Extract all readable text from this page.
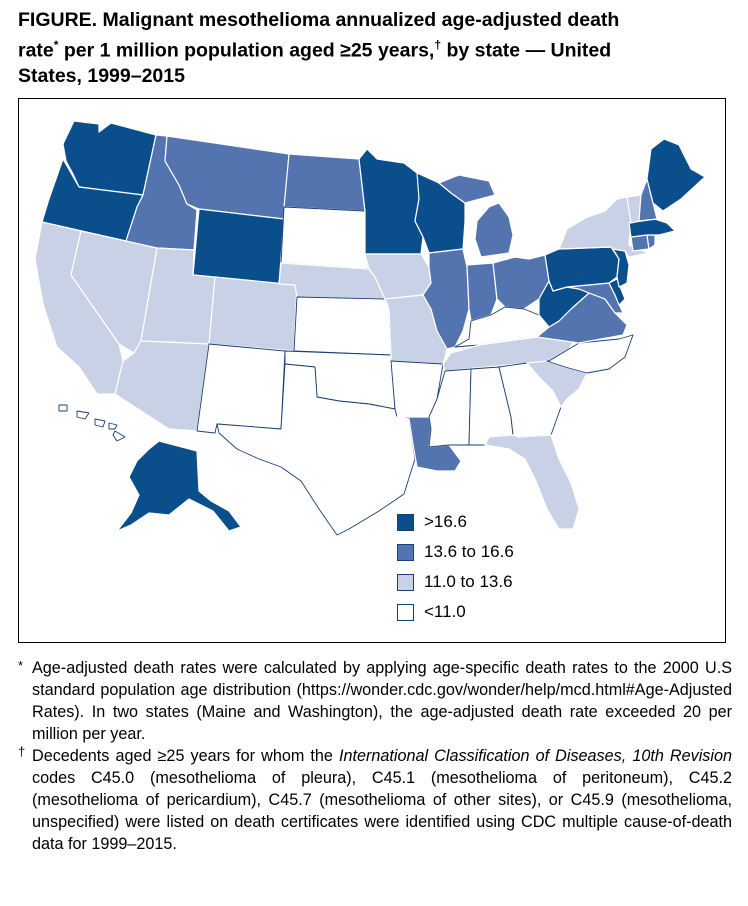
FIGURE. Malignant mesothelioma annualized age-adjusted death
rate* per 1 million population aged ≥25 years,† by state — United
States, 1999–2015
>16.6
13.6 to 16.6
11.0 to 13.6
<11.0
* Age-adjusted death rates were calculated by applying age-specific death rates to the 2000 U.S standard population age distribution (https://wonder.cdc.gov/wonder/help/mcd.html#Age-Adjusted Rates). In two states (Maine and Washington), the age-adjusted death rate exceeded 20 per million per year.
† Decedents aged ≥25 years for whom the International Classification of Diseases, 10th Revision codes C45.0 (mesothelioma of pleura), C45.1 (mesothelioma of peritoneum), C45.2 (mesothelioma of pericardium), C45.7 (mesothelioma of other sites), or C45.9 (mesothelioma, unspecified) were listed on death certificates were identified using CDC multiple cause-of-death data for 1999–2015.
